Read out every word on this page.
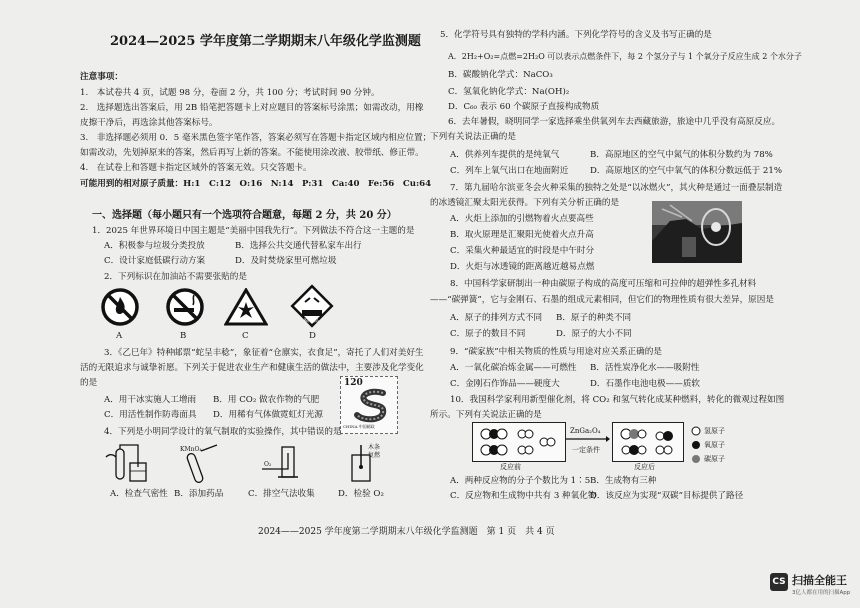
2024—2025 学年度第二学期期末八年级化学监测题
注意事项：
1.　本试卷共 4 页，试题 98 分，卷面 2 分，共 100 分；考试时间 90 分钟。
2.　选择题选出答案后，用 2B 铅笔把答题卡上对应题目的答案标号涂黑；如需改动，用橡
皮擦干净后，再选涂其他答案标号。
3.　非选择题必须用 0．5 毫米黑色签字笔作答，答案必须写在答题卡指定区域内相应位置；
如需改动，先划掉原来的答案，然后再写上新的答案。不能使用涂改液、胶带纸、修正带。
4.　在试卷上和答题卡指定区域外的答案无效。只交答题卡。
可能用到的相对原子质量：H:1　C:12　O:16　N:14　P:31　Ca:40　Fe:56　Cu:64
一、选择题（每小题只有一个选项符合题意，每题 2 分，共 20 分）
1．2025 年世界环境日中国主题是“美丽中国我先行”。下列做法不符合这一主题的是
A．积极参与垃圾分类投放	B．选择公共交通代替私家车出行
C．设计家庭低碳行动方案	D．及时焚烧家里可燃垃圾
2．下列标识在加油站不需要张贴的是
腐蚀品
A	B	C	D
3．《乙巳年》特种邮票“蛇呈丰稔”，象征着“仓廪实，衣食足”，寄托了人们对美好生
活的无限追求与诚挚祈愿。下列关于促进农业生产和健康生活的做法中，主要涉及化学变化
的是	120
CHINA 中国邮政
A．用干冰实施人工增雨 B．用 CO₂ 做农作物的气肥
C．用活性制作防毒面具 D．用稀有气体做霓虹灯光源
4．下列是小明同学设计的氧气制取的实验操作，其中错误的是
KMnO₄
O₂
木条
复燃
A．检查气密性 B．添加药品	C．排空气法收集	D．检验 O₂
5．化学符号具有独特的学科内涵。下列化学符号的含义及书写正确的是
A．2H₂+O₂=点燃=2H₂O 可以表示点燃条件下，每 2 个氢分子与 1 个氧分子反应生成 2 个水分子
B．碳酸钠化学式：NaCO₃
C．氢氧化钠化学式：Na(OH)₂
D．C₆₀ 表示 60 个碳原子直接构成物质
6．去年暑假，晓明同学一家选择乘坐供氧列车去西藏旅游，旅途中几乎没有高原反应。
下列有关说法正确的是
A．供养列车提供的是纯氧气	B．高原地区的空气中氮气的体积分数约为 78%
C．列车上氧气出口在地面附近	D．高原地区的空气中氧气的体积分数远低于 21%
7．第九届哈尔滨亚冬会火种采集的独特之处是“以冰燃火”，其火种是通过一面叠层制造
的冰透镜汇聚太阳光获得。下列有关分析正确的是
A．火炬上添加的引燃物着火点要高些
B．取火原理是汇聚阳光使着火点升高
C．采集火种最适宜的时段是中午时分
D．火炬与冰透镜的距离越近越易点燃
8．中国科学家研制出一种由碳原子构成的高度可压缩和可拉伸的超弹性多孔材料
——“碳弹簧”，它与金刚石、石墨的组成元素相同，但它们的物理性质有很大差异，原因是
A．原子的排列方式不同 B．原子的种类不同
C．原子的数目不同	D．原子的大小不同
9．“碳家族”中相关物质的性质与用途对应关系正确的是
A．一氧化碳冶炼金属——可燃性 B．活性炭净化水——吸附性
C．金刚石作饰品——硬度大	D．石墨作电池电极——质软
10．我国科学家利用新型催化剂，将 CO₂ 和氢气转化成某种燃料，转化的微观过程如图
所示。下列有关说法正确的是
ZnGa₂O₄
一定条件
反应前	反应后
氢原子
氧原子
碳原子
A．两种反应物的分子个数比为 1∶5 B．生成物有三种
C．反应物和生成物中共有 3 种氧化物
D．该反应为实现“双碳”目标提供了路径
2024——2025 学年度第二学期期末八年级化学监测题　第 1 页　共 4 页
CS 扫描全能王
3亿人都在用的扫描App
